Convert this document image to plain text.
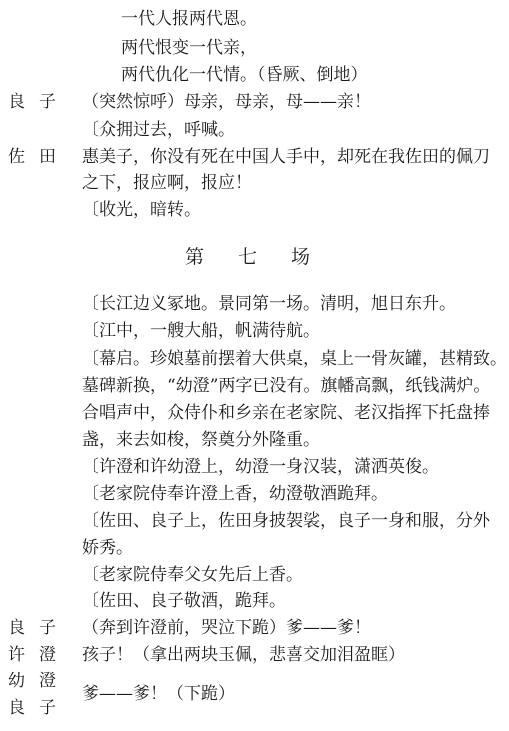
一代人报两代恩。
两代恨变一代亲，
两代仇化一代情。（昏厥、倒地）
良子 （突然惊呼）母亲，母亲，母——亲！
〔众拥过去，呼喊。
佐田 惠美子，你没有死在中国人手中，却死在我佐田的佩刀
之下，报应啊，报应！
〔收光，暗转。
第 七 场
〔长江边义冢地。景同第一场。清明，旭日东升。
〔江中，一艘大船，帆满待航。
〔幕启。珍娘墓前摆着大供桌，桌上一骨灰罐，甚精致。
墓碑新换，“幼澄”两字已没有。旗幡高飘，纸钱满炉。
合唱声中，众侍仆和乡亲在老家院、老汉指挥下托盘捧
盏，来去如梭，祭奠分外隆重。
〔许澄和许幼澄上，幼澄一身汉装，潇洒英俊。
〔老家院侍奉许澄上香，幼澄敬酒跪拜。
〔佐田、良子上，佐田身披袈裟，良子一身和服，分外
娇秀。
〔老家院侍奉父女先后上香。
〔佐田、良子敬酒，跪拜。
良子 （奔到许澄前，哭泣下跪）爹——爹！
许澄 孩子！（拿出两块玉佩，悲喜交加泪盈眶）
幼澄
良子
爹——爹！（下跪）
